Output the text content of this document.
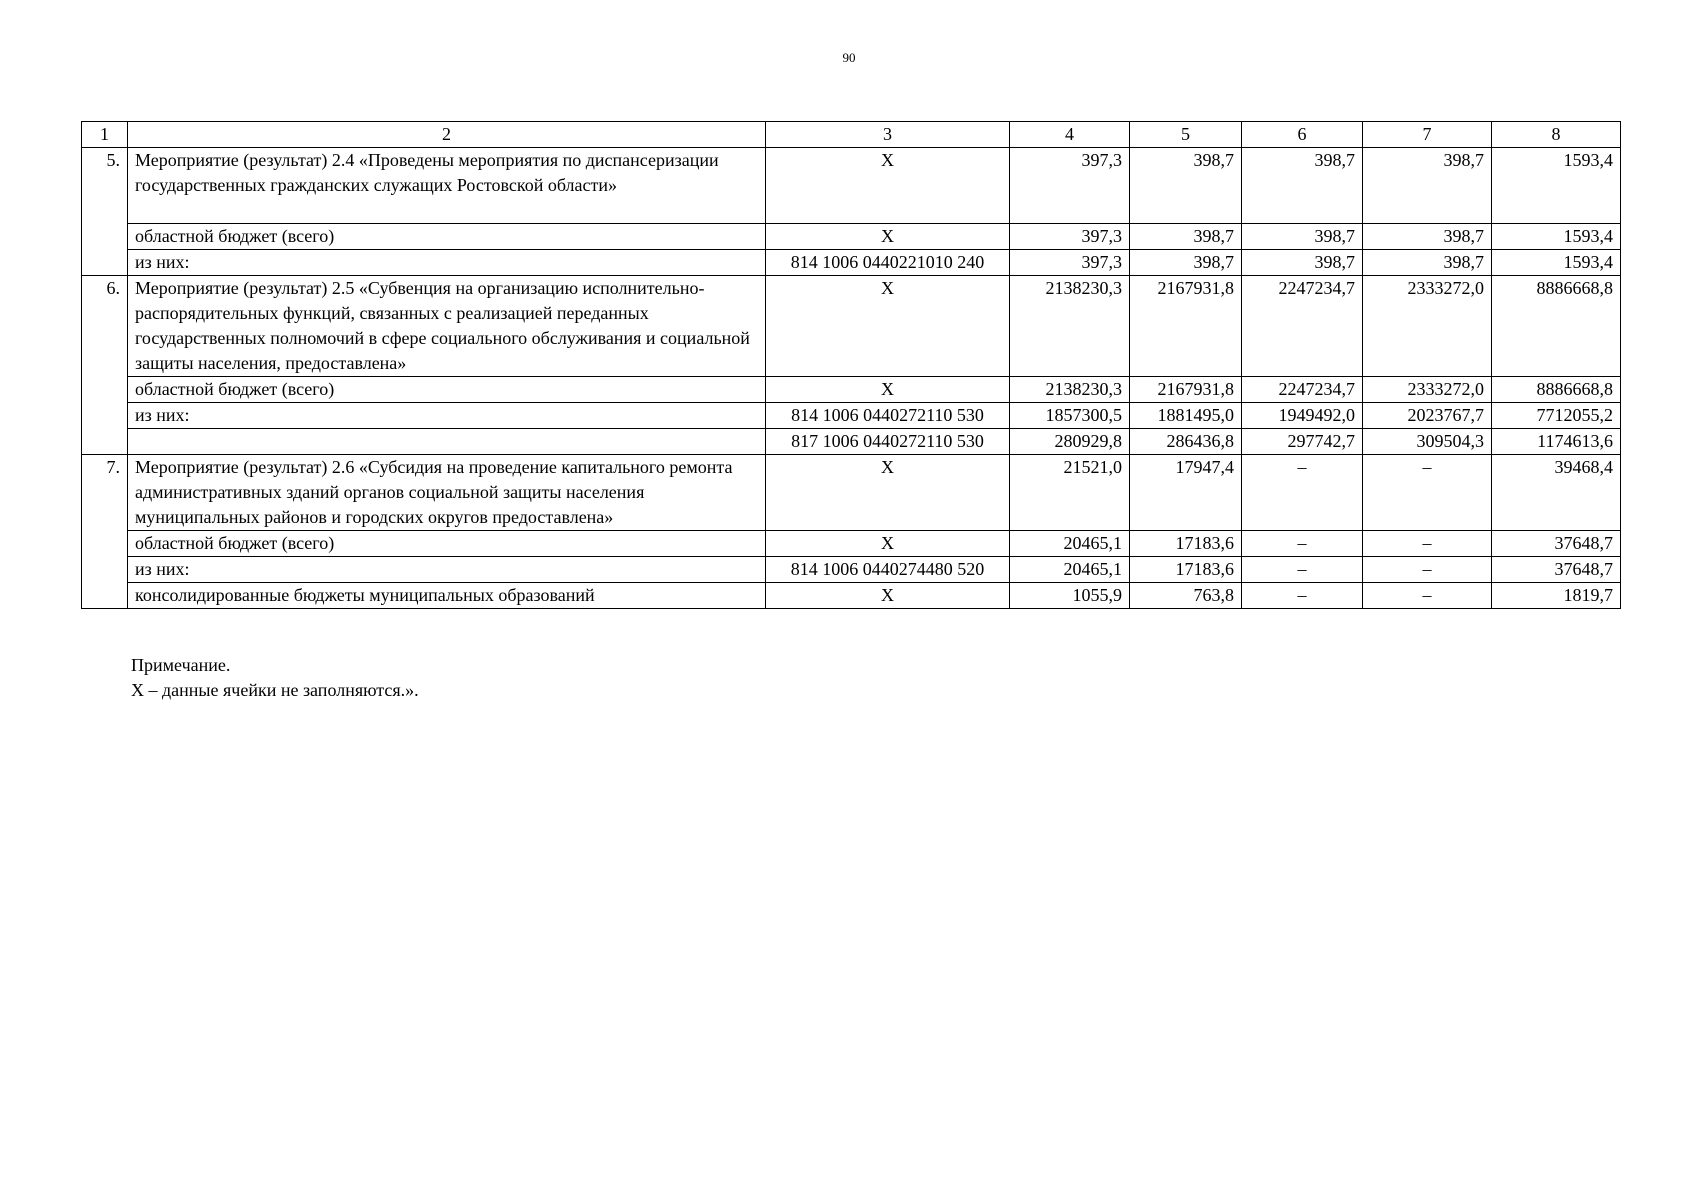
90
1	2	3	4	5	6	7	8
5.	Мероприятие (результат) 2.4 «Проведены мероприятия по диспансеризации государственных гражданских служащих Ростовской области»	X	397,3	398,7	398,7	398,7	1593,4
	областной бюджет (всего)	X	397,3	398,7	398,7	398,7	1593,4
	из них:	814 1006 0440221010 240	397,3	398,7	398,7	398,7	1593,4
6.	Мероприятие (результат) 2.5 «Субвенция на организацию исполнительно-распорядительных функций, связанных с реализацией переданных государственных полномочий в сфере социального обслуживания и социальной защиты населения, предоставлена»	X	2138230,3	2167931,8	2247234,7	2333272,0	8886668,8
	областной бюджет (всего)	X	2138230,3	2167931,8	2247234,7	2333272,0	8886668,8
	из них:	814 1006 0440272110 530	1857300,5	1881495,0	1949492,0	2023767,7	7712055,2
		817 1006 0440272110 530	280929,8	286436,8	297742,7	309504,3	1174613,6
7.	Мероприятие (результат) 2.6 «Субсидия на проведение капитального ремонта административных зданий органов социальной защиты населения муниципальных районов и городских округов предоставлена»	X	21521,0	17947,4	–	–	39468,4
	областной бюджет (всего)	X	20465,1	17183,6	–	–	37648,7
	из них:	814 1006 0440274480 520	20465,1	17183,6	–	–	37648,7
	консолидированные бюджеты муниципальных образований	X	1055,9	763,8	–	–	1819,7
Примечание.
Х – данные ячейки не заполняются.».
